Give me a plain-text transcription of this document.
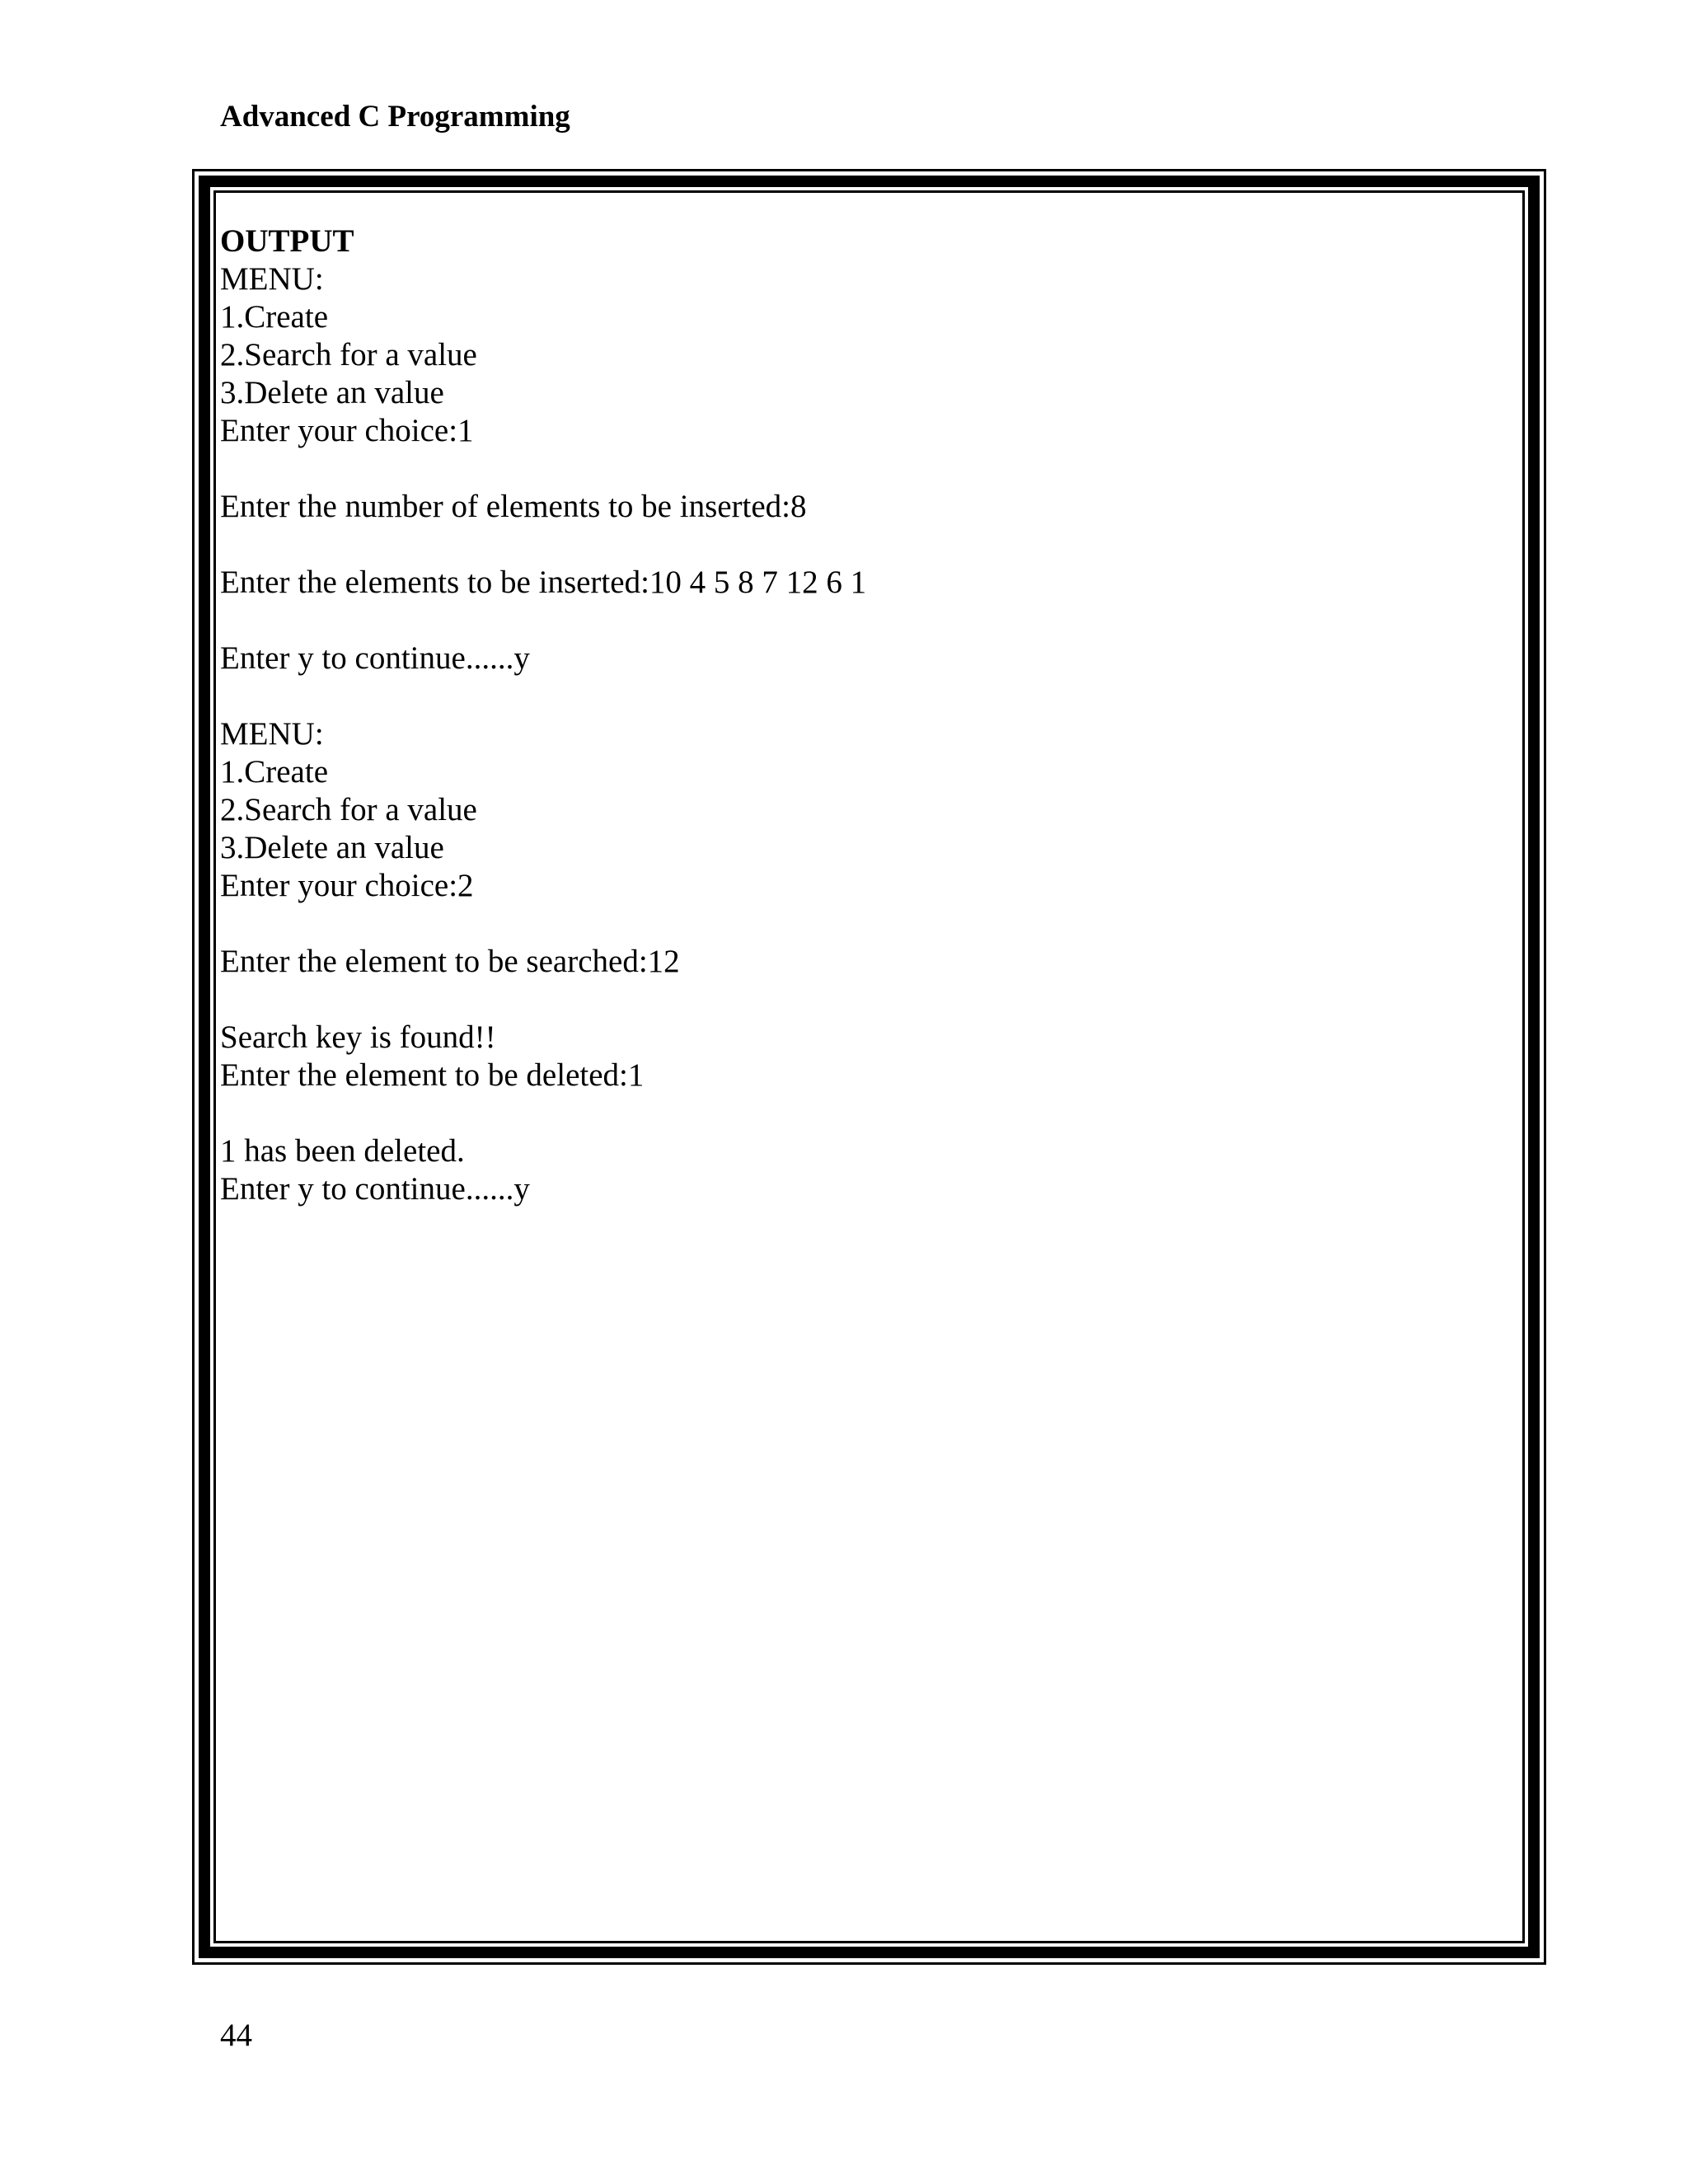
Advanced C Programming
OUTPUT
MENU:
1.Create
2.Search for a value
3.Delete an value
Enter your choice:1
Enter the number of elements to be inserted:8
Enter the elements to be inserted:10 4 5 8 7 12 6 1
Enter y to continue......y
MENU:
1.Create
2.Search for a value
3.Delete an value
Enter your choice:2
Enter the element to be searched:12
Search key is found!!
Enter the element to be deleted:1
1 has been deleted.
Enter y to continue......y
44
